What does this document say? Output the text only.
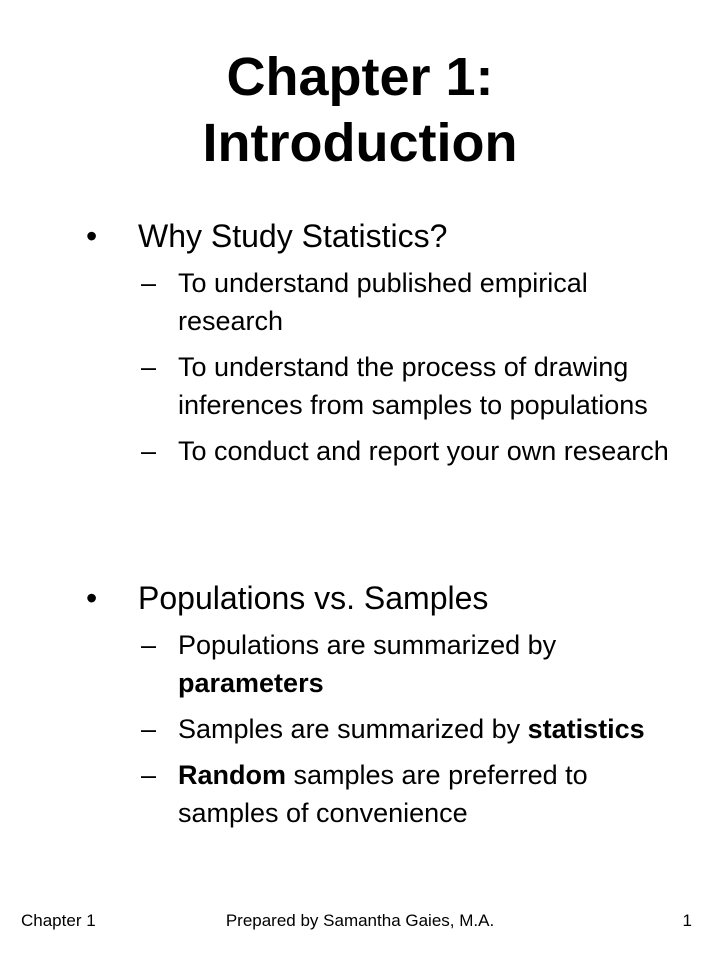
Chapter 1:
Introduction
• Why Study Statistics?
– To understand published empirical research
– To understand the process of drawing inferences from samples to populations
– To conduct and report your own research
• Populations vs. Samples
– Populations are summarized by parameters
– Samples are summarized by statistics
– Random samples are preferred to samples of convenience
Chapter 1	Prepared by Samantha Gaies, M.A.	1
